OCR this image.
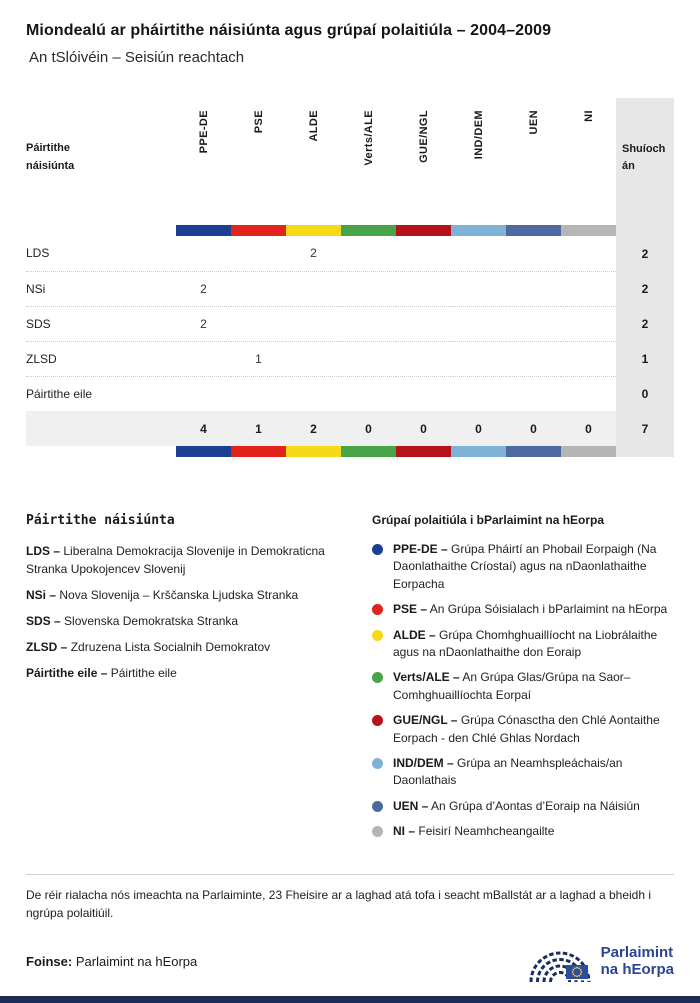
Miondealú ar pháirtithe náisiúnta agus grúpaí polaitiúla – 2004–2009
An tSlóivéin – Seisiún reachtach
Páirtithe náisiúnta	PPE-DE	PSE	ALDE	Verts/ALE	GUE/NGL	IND/DEM	UEN	NI	Shuíochán

LDS			2						2
NSi	2								2
SDS	2								2
ZLSD		1							1
Páirtithe eile									0
	4	1	2	0	0	0	0	0	7

Páirtithe náisiúnta

LDS – Liberalna Demokracija Slovenije in Demokraticna Stranka Upokojencev Slovenij

NSi – Nova Slovenija – Krščanska Ljudska Stranka

SDS – Slovenska Demokratska Stranka

ZLSD – Zdruzena Lista Socialnih Demokratov

Páirtithe eile – Páirtithe eile

Grúpaí polaitiúla i bParlaimint na hEorpa

PPE-DE – Grúpa Pháirtí an Phobail Eorpaigh (Na Daonlathaithe Críostaí) agus na nDaonlathaithe Eorpacha

PSE – An Grúpa Sóisialach i bParlaimint na hEorpa

ALDE – Grúpa Chomhghuaillíocht na Liobrálaithe agus na nDaonlathaithe don Eoraip

Verts/ALE – An Grúpa Glas/Grúpa na Saor–Comhghuaillíochta Eorpaí

GUE/NGL – Grúpa Cónasctha den Chlé Aontaithe Eorpach - den Chlé Ghlas Nordach

IND/DEM – Grúpa an Neamhspleáchais/an Daonlathais

UEN – An Grúpa d’Aontas d’Eoraip na Náisiún

NI – Feisirí Neamhcheangailte

De réir rialacha nós imeachta na Parlaiminte, 23 Fheisire ar a laghad atá tofa i seacht mBallstát ar a laghad a bheidh i ngrúpa polaitiúil.

Foinse: Parlaimint na hEorpa

Parlaimint
na hEorpa
